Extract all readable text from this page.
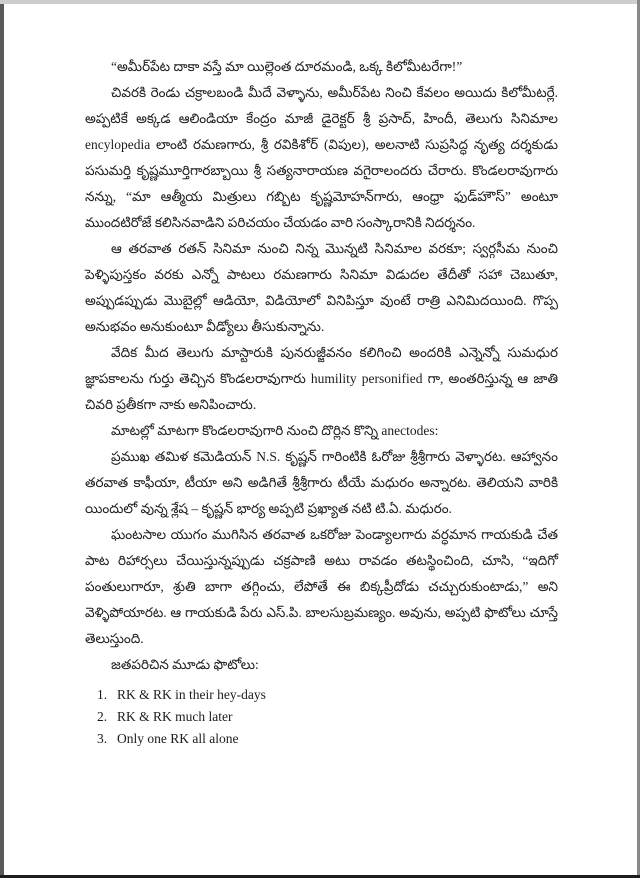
“అమీర్‌పేట దాకా వస్తే మా యిల్లెంత దూరమండి, ఒక్క కిలోమీటరేగా!”

చివరకి రెండు చక్రాలబండి మీదే వెళ్ళాను, అమీర్‌పేట నించి కేవలం అయిదు కిలోమీటర్లే. అప్పటికే అక్కడ ఆలిండియా కేంద్రం మాజీ డైరెక్టర్ శ్రీ ప్రసాద్, హిందీ, తెలుగు సినిమాల encylopedia లాంటి రమణగారు, శ్రీ రవికిశోర్ (విపుల), అలనాటి సుప్రసిద్ధ నృత్య దర్శకుడు పసుమర్తి కృష్ణమూర్తిగారబ్బాయి శ్రీ సత్యనారాయణ వగైరాలందరు చేరారు. కొండలరావుగారు నన్ను, “మా ఆత్మీయ మిత్రులు గబ్బిట కృష్ణమోహన్‌గారు, ఆంధ్రా ఫుడ్‌హౌస్” అంటూ ముందటిరోజే కలిసినవాడిని పరిచయం చేయడం వారి సంస్కారానికి నిదర్శనం.

ఆ తరవాత రతన్ సినిమా నుంచి నిన్న మొన్నటి సినిమాల వరకూ; స్వర్గసీమ నుంచి పెళ్ళిపుస్తకం వరకు ఎన్నో పాటలు రమణగారు సినిమా విడుదల తేదీతో సహా చెబుతూ, అప్పుడప్పుడు మొబైల్లో ఆడియో, విడియోలో వినిపిస్తూ వుంటే రాత్రి ఎనిమిదయింది. గొప్ప అనుభవం అనుకుంటూ వీడ్యోలు తీసుకున్నాను.

వేదిక మీద తెలుగు మాస్టారుకి పునరుజ్జీవనం కలిగించి అందరికి ఎన్నెన్నో సుమధుర జ్ఞాపకాలను గుర్తు తెచ్చిన కొండలరావుగారు humility personified గా, అంతరిస్తున్న ఆ జాతి చివరి ప్రతీకగా నాకు అనిపించారు.

మాటల్లో మాటగా కొండలరావుగారి నుంచి దొర్లిన కొన్ని anectodes:

ప్రముఖ తమిళ కమెడియన్ N.S. కృష్ణన్ గారింటికి ఓరోజు శ్రీశ్రీగారు వెళ్ళారట. ఆహ్వానం తరవాత కాఫీయా, టీయా అని అడిగితే శ్రీశ్రీగారు టీయే మధురం అన్నారట. తెలియని వారికి యిందులో వున్న శ్లేష – కృష్ణన్ భార్య అప్పటి ప్రఖ్యాత నటి టి.ఏ. మధురం.

ఘంటసాల యుగం ముగిసిన తరవాత ఒకరోజు పెండ్యాలగారు వర్ధమాన గాయకుడి చేత పాట రిహార్సలు చేయిస్తున్నప్పుడు చక్రపాణి అటు రావడం తటస్థించింది, చూసి, “ఇదిగో పంతులుగారూ, శ్రుతి బాగా తగ్గించు, లేపోతే ఈ బిక్కప్రీదోడు చచ్చురుకుంటాడు,” అని వెళ్ళిపోయారట. ఆ గాయకుడి పేరు ఎస్.పి. బాలసుబ్రమణ్యం. అవును, అప్పటి ఫొటోలు చూస్తే తెలుస్తుంది.

జతపరిచిన మూడు ఫొటోలు:

1. RK & RK in their hey-days
2. RK & RK much later
3. Only one RK all alone
